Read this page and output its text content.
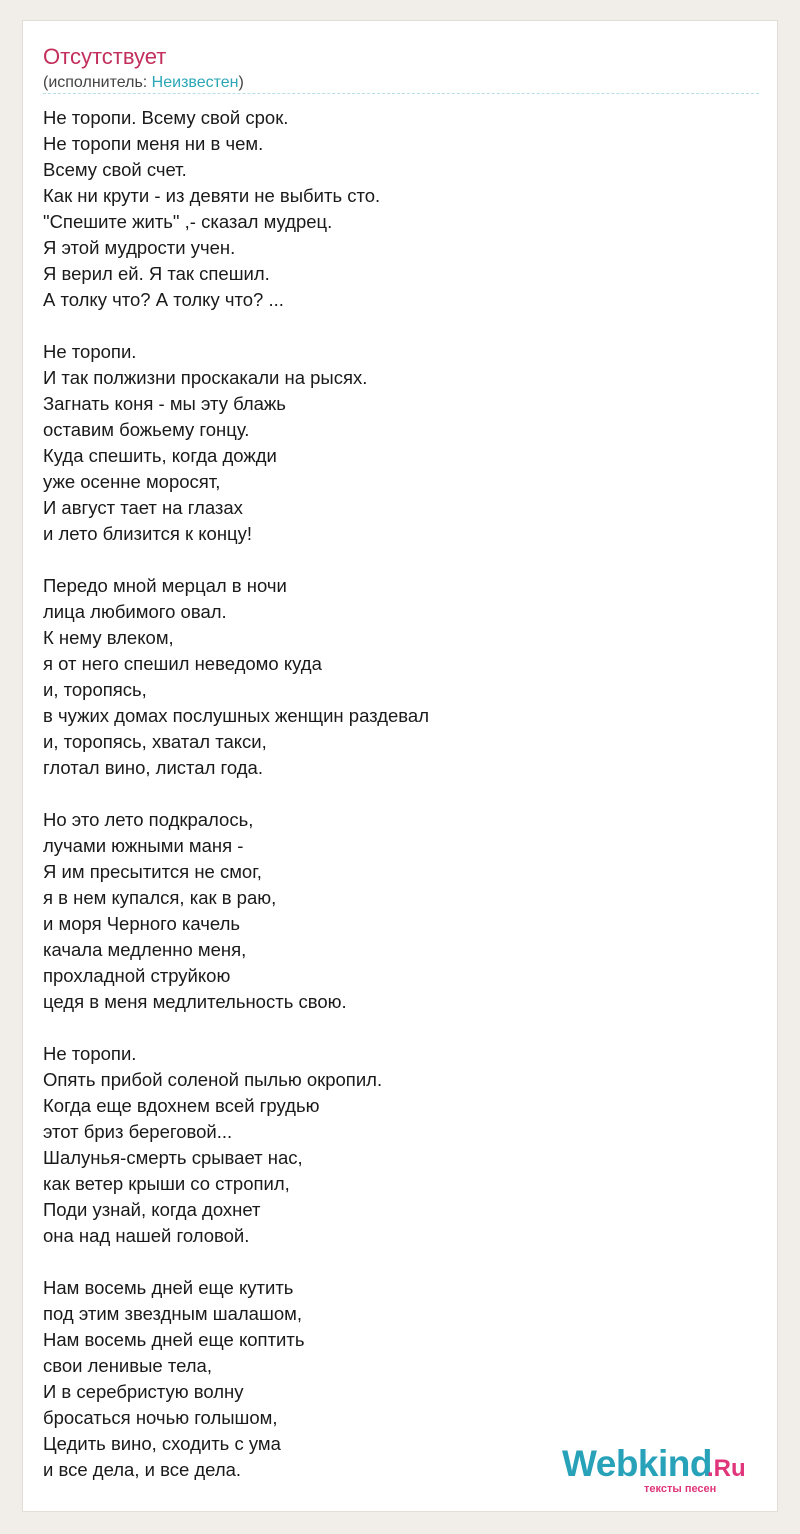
Отсутствует
(исполнитель: Неизвестен)
Не торопи. Всему свой срок.
Не торопи меня ни в чем.
Всему свой счет.
Как ни крути - из девяти не выбить сто.
"Спешите жить" ,- сказал мудрец.
Я этой мудрости учен.
Я верил ей. Я так спешил.
А толку что? А толку что? ...
Не торопи.
И так полжизни проскакали на рысях.
Загнать коня - мы эту блажь
оставим божьему гонцу.
Куда спешить, когда дожди
уже осенне моросят,
И август тает на глазах
и лето близится к концу!
Передо мной мерцал в ночи
лица любимого овал.
К нему влеком,
я от него спешил неведомо куда
и, торопясь,
в чужих домах послушных женщин раздевал
и, торопясь, хватал такси,
глотал вино, листал года.
Но это лето подкралось,
лучами южными маня -
Я им пресытится не смог,
я в нем купался, как в раю,
и моря Черного качель
качала медленно меня,
прохладной струйкою
цедя в меня медлительность свою.
Не торопи.
Опять прибой соленой пылью окропил.
Когда еще вдохнем всей грудью
этот бриз береговой...
Шалунья-смерть срывает нас,
как ветер крыши со стропил,
Поди узнай, когда дохнет
она над нашей головой.
Нам восемь дней еще кутить
под этим звездным шалашом,
Нам восемь дней еще коптить
свои ленивые тела,
И в серебристую волну
бросаться ночью голышом,
Цедить вино, сходить с ума
и все дела, и все дела.	Webkind
.Ru
тексты песен
